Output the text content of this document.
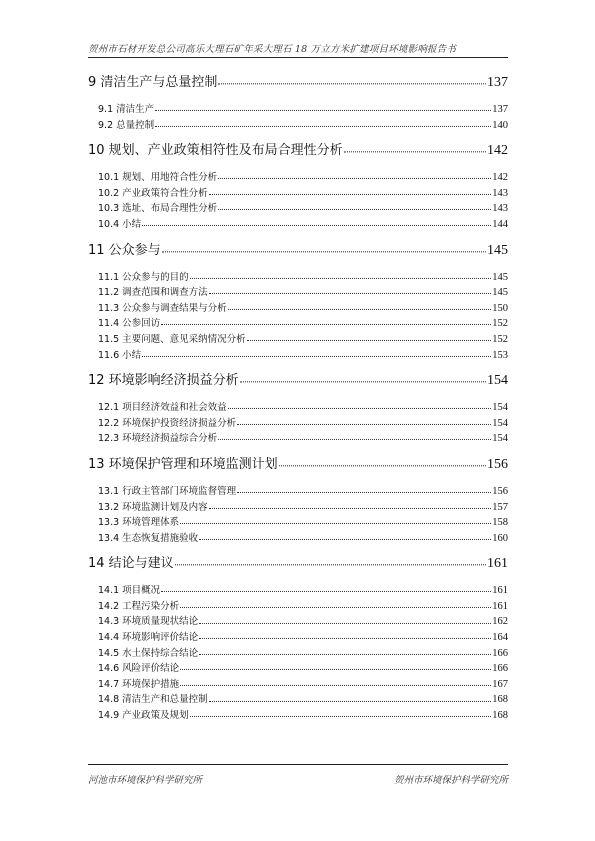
贺州市石材开发总公司高乐大理石矿年采大理石 18 万立方米扩建项目环境影响报告书
9 清洁生产与总量控制	137
9.1 清洁生产	137
9.2 总量控制	140
10 规划、产业政策相符性及布局合理性分析	142
10.1 规划、用地符合性分析	142
10.2 产业政策符合性分析	143
10.3 选址、布局合理性分析	143
10.4 小结	144
11 公众参与	145
11.1 公众参与的目的	145
11.2 调查范围和调查方法	145
11.3 公众参与调查结果与分析	150
11.4 公参回访	152
11.5 主要问题、意见采纳情况分析	152
11.6 小结	153
12 环境影响经济损益分析	154
12.1 项目经济效益和社会效益	154
12.2 环境保护投资经济损益分析	154
12.3 环境经济损益综合分析	154
13 环境保护管理和环境监测计划	156
13.1 行政主管部门环境监督管理	156
13.2 环境监测计划及内容	157
13.3 环境管理体系	158
13.4 生态恢复措施验收	160
14 结论与建议	161
14.1 项目概况	161
14.2 工程污染分析	161
14.3 环境质量现状结论	162
14.4 环境影响评价结论	164
14.5 水土保持综合结论	166
14.6 风险评价结论	166
14.7 环境保护措施	167
14.8 清洁生产和总量控制	168
14.9 产业政策及规划	168
河池市环境保护科学研究所	贺州市环境保护科学研究所
